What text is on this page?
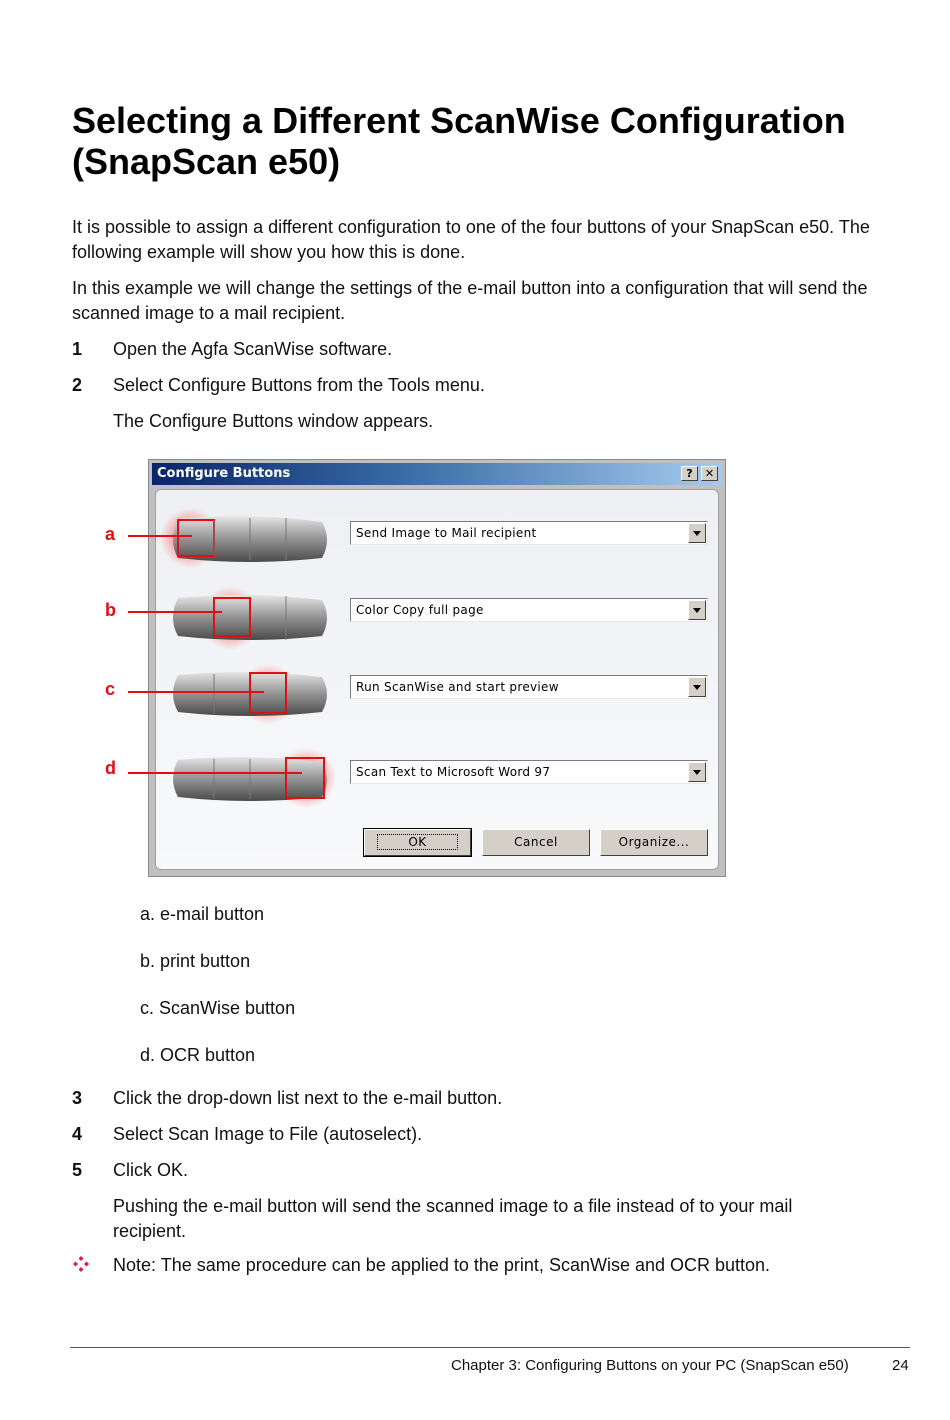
Selecting a Different ScanWise Configuration (SnapScan e50)

It is possible to assign a different configuration to one of the four buttons of your SnapScan e50. The following example will show you how this is done.

In this example we will change the settings of the e-mail button into a configuration that will send the scanned image to a mail recipient.

1 Open the Agfa ScanWise software.
2 Select Configure Buttons from the Tools menu.
The Configure Buttons window appears.
Configure Buttons	?	✕
a
b
c
d
Send Image to Mail recipient
Color Copy full page
Run ScanWise and start preview
Scan Text to Microsoft Word 97
OK	Cancel	Organize...
a. e-mail button
b. print button
c. ScanWise button
d. OCR button
3 Click the drop-down list next to the e-mail button.
4 Select Scan Image to File (autoselect).
5 Click OK.
Pushing the e-mail button will send the scanned image to a file instead of to your mail recipient.
Note: The same procedure can be applied to the print, ScanWise and OCR button.
Chapter 3: Configuring Buttons on your PC (SnapScan e50)	24
